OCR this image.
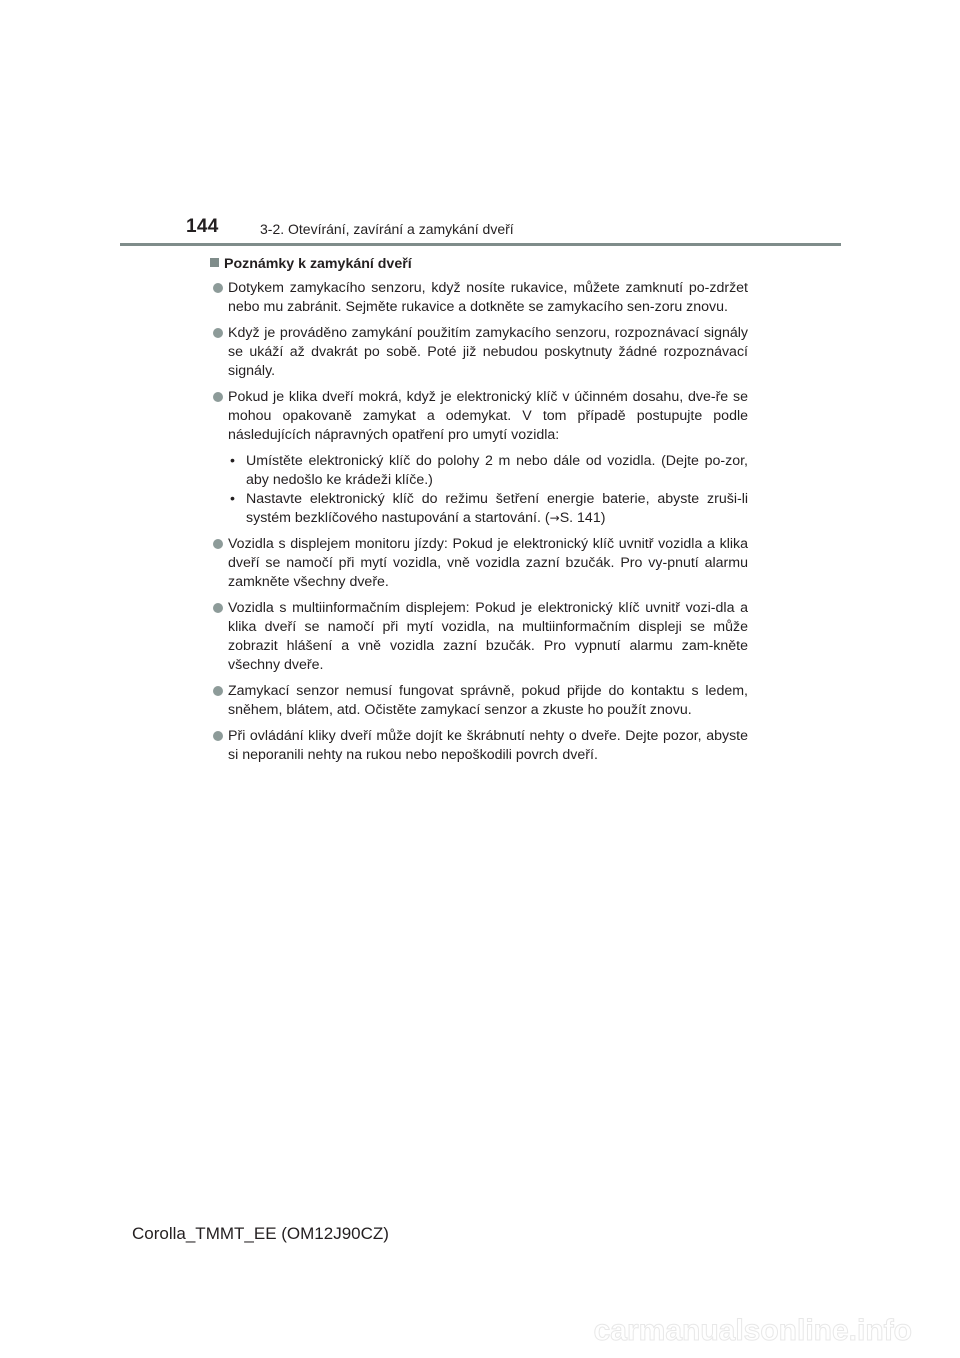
144	3-2. Otevírání, zavírání a zamykání dveří
Poznámky k zamykání dveří
Dotykem zamykacího senzoru, když nosíte rukavice, můžete zamknutí po-zdržet nebo mu zabránit. Sejměte rukavice a dotkněte se zamykacího sen-zoru znovu.
Když je prováděno zamykání použitím zamykacího senzoru, rozpoznávací signály se ukáží až dvakrát po sobě. Poté již nebudou poskytnuty žádné rozpoznávací signály.
Pokud je klika dveří mokrá, když je elektronický klíč v účinném dosahu, dve-ře se mohou opakovaně zamykat a odemykat. V tom případě postupujte podle následujících nápravných opatření pro umytí vozidla:
• Umístěte elektronický klíč do polohy 2 m nebo dále od vozidla. (Dejte po-zor, aby nedošlo ke krádeži klíče.)
• Nastavte elektronický klíč do režimu šetření energie baterie, abyste zruši-li systém bezklíčového nastupování a startování. (→S. 141)
Vozidla s displejem monitoru jízdy: Pokud je elektronický klíč uvnitř vozidla a klika dveří se namočí při mytí vozidla, vně vozidla zazní bzučák. Pro vy-pnutí alarmu zamkněte všechny dveře.
Vozidla s multiinformačním displejem: Pokud je elektronický klíč uvnitř vozi-dla a klika dveří se namočí při mytí vozidla, na multiinformačním displeji se může zobrazit hlášení a vně vozidla zazní bzučák. Pro vypnutí alarmu zam-kněte všechny dveře.
Zamykací senzor nemusí fungovat správně, pokud přijde do kontaktu s ledem, sněhem, blátem, atd. Očistěte zamykací senzor a zkuste ho použít znovu.
Při ovládání kliky dveří může dojít ke škrábnutí nehty o dveře. Dejte pozor, abyste si neporanili nehty na rukou nebo nepoškodili povrch dveří.
Corolla_TMMT_EE (OM12J90CZ)
carmanualsonline.info
